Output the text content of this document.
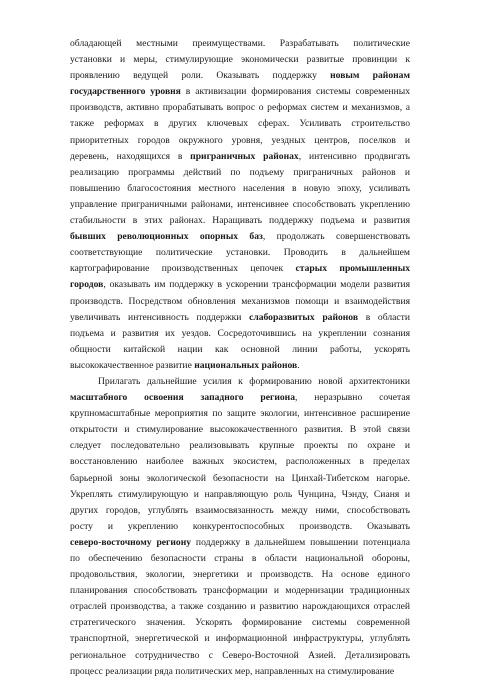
обладающей местными преимуществами. Разрабатывать политические
установки и меры, стимулирующие экономически развитые провинции к
проявлению ведущей роли. Оказывать поддержку новым районам
государственного уровня в активизации формирования системы современных
производств, активно прорабатывать вопрос о реформах систем и механизмов, а
также реформах в других ключевых сферах. Усиливать строительство
приоритетных городов окружного уровня, уездных центров, поселков и
деревень, находящихся в приграничных районах, интенсивно продвигать
реализацию программы действий по подъему приграничных районов и
повышению благосостояния местного населения в новую эпоху, усиливать
управление приграничными районами, интенсивнее способствовать укреплению
стабильности в этих районах. Наращивать поддержку подъема и развития
бывших революционных опорных баз, продолжать совершенствовать
соответствующие политические установки. Проводить в дальнейшем
картографирование производственных цепочек старых промышленных
городов, оказывать им поддержку в ускорении трансформации модели развития
производств. Посредством обновления механизмов помощи и взаимодействия
увеличивать интенсивность поддержки слаборазвитых районов в области
подъема и развития их уездов. Сосредоточившись на укреплении сознания
общности китайской нации как основной линии работы, ускорять
высококачественное развитие национальных районов.
Прилагать дальнейшие усилия к формированию новой архитектоники
масштабного освоения западного региона, неразрывно сочетая
крупномасштабные мероприятия по защите экологии, интенсивное расширение
открытости и стимулирование высококачественного развития. В этой связи
следует последовательно реализовывать крупные проекты по охране и
восстановлению наиболее важных экосистем, расположенных в пределах
барьерной зоны экологической безопасности на Цинхай-Тибетском нагорье.
Укреплять стимулирующую и направляющую роль Чунцина, Чэнду, Сианя и
других городов, углублять взаимосвязанность между ними, способствовать
росту и укреплению конкурентоспособных производств. Оказывать
северо-восточному региону поддержку в дальнейшем повышении потенциала
по обеспечению безопасности страны в области национальной обороны,
продовольствия, экологии, энергетики и производств. На основе единого
планирования способствовать трансформации и модернизации традиционных
отраслей производства, а также созданию и развитию нарождающихся отраслей
стратегического значения. Ускорять формирование системы современной
транспортной, энергетической и информационной инфраструктуры, углублять
региональное сотрудничество с Северо-Восточной Азией. Детализировать
процесс реализации ряда политических мер, направленных на стимулирование
